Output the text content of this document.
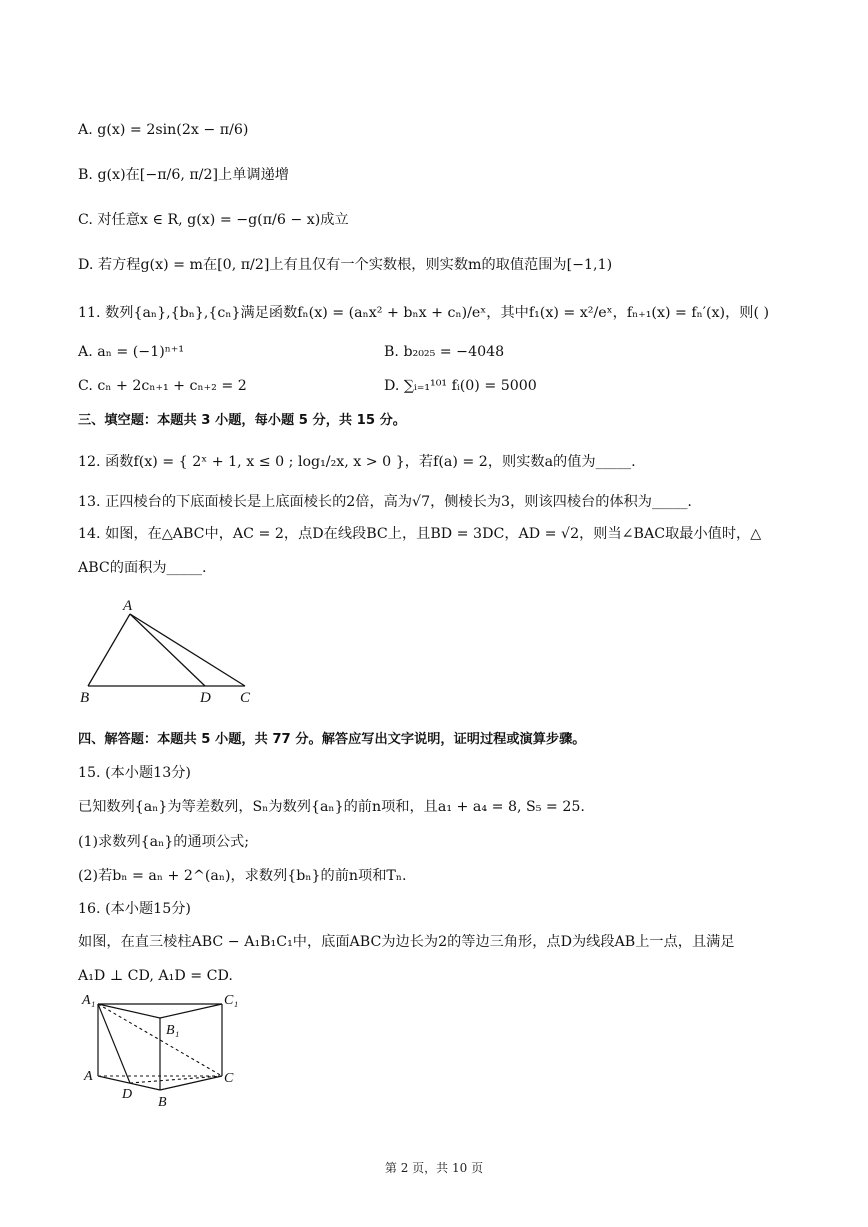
A. g(x) = 2sin(2x − π/6)
B. g(x)在[−π/6, π/2]上单调递增
C. 对任意x ∈ R, g(x) = −g(π/6 − x)成立
D. 若方程g(x) = m在[0, π/2]上有且仅有一个实数根，则实数m的取值范围为[−1,1)
11. 数列{aₙ},{bₙ},{cₙ}满足函数fₙ(x) = (aₙx² + bₙx + cₙ)/eˣ，其中f₁(x) = x²/eˣ，fₙ₊₁(x) = fₙ′(x)，则( )
A. aₙ = (−1)ⁿ⁺¹	B. b₂₀₂₅ = −4048
C. cₙ + 2cₙ₊₁ + cₙ₊₂ = 2	D. ∑ᵢ₌₁¹⁰¹ fᵢ(0) = 5000
三、填空题：本题共 3 小题，每小题 5 分，共 15 分。
12. 函数f(x) = { 2ˣ + 1, x ≤ 0 ; log₁/₂x, x > 0 }，若f(a) = 2，则实数a的值为_____.
13. 正四棱台的下底面棱长是上底面棱长的2倍，高为√7，侧棱长为3，则该四棱台的体积为_____.
14. 如图，在△ABC中，AC = 2，点D在线段BC上，且BD = 3DC，AD = √2，则当∠BAC取最小值时，△
ABC的面积为_____.
A
B	D C
四、解答题：本题共 5 小题，共 77 分。解答应写出文字说明，证明过程或演算步骤。
15. (本小题13分)
已知数列{aₙ}为等差数列，Sₙ为数列{aₙ}的前n项和，且a₁ + a₄ = 8, S₅ = 25.
(1)求数列{aₙ}的通项公式;
(2)若bₙ = aₙ + 2^(aₙ)，求数列{bₙ}的前n项和Tₙ.
16. (本小题15分)
如图，在直三棱柱ABC − A₁B₁C₁中，底面ABC为边长为2的等边三角形，点D为线段AB上一点，且满足
A₁D ⊥ CD, A₁D = CD.
A₁	C₁
B₁
A	C
D
B
第 2 页，共 10 页
